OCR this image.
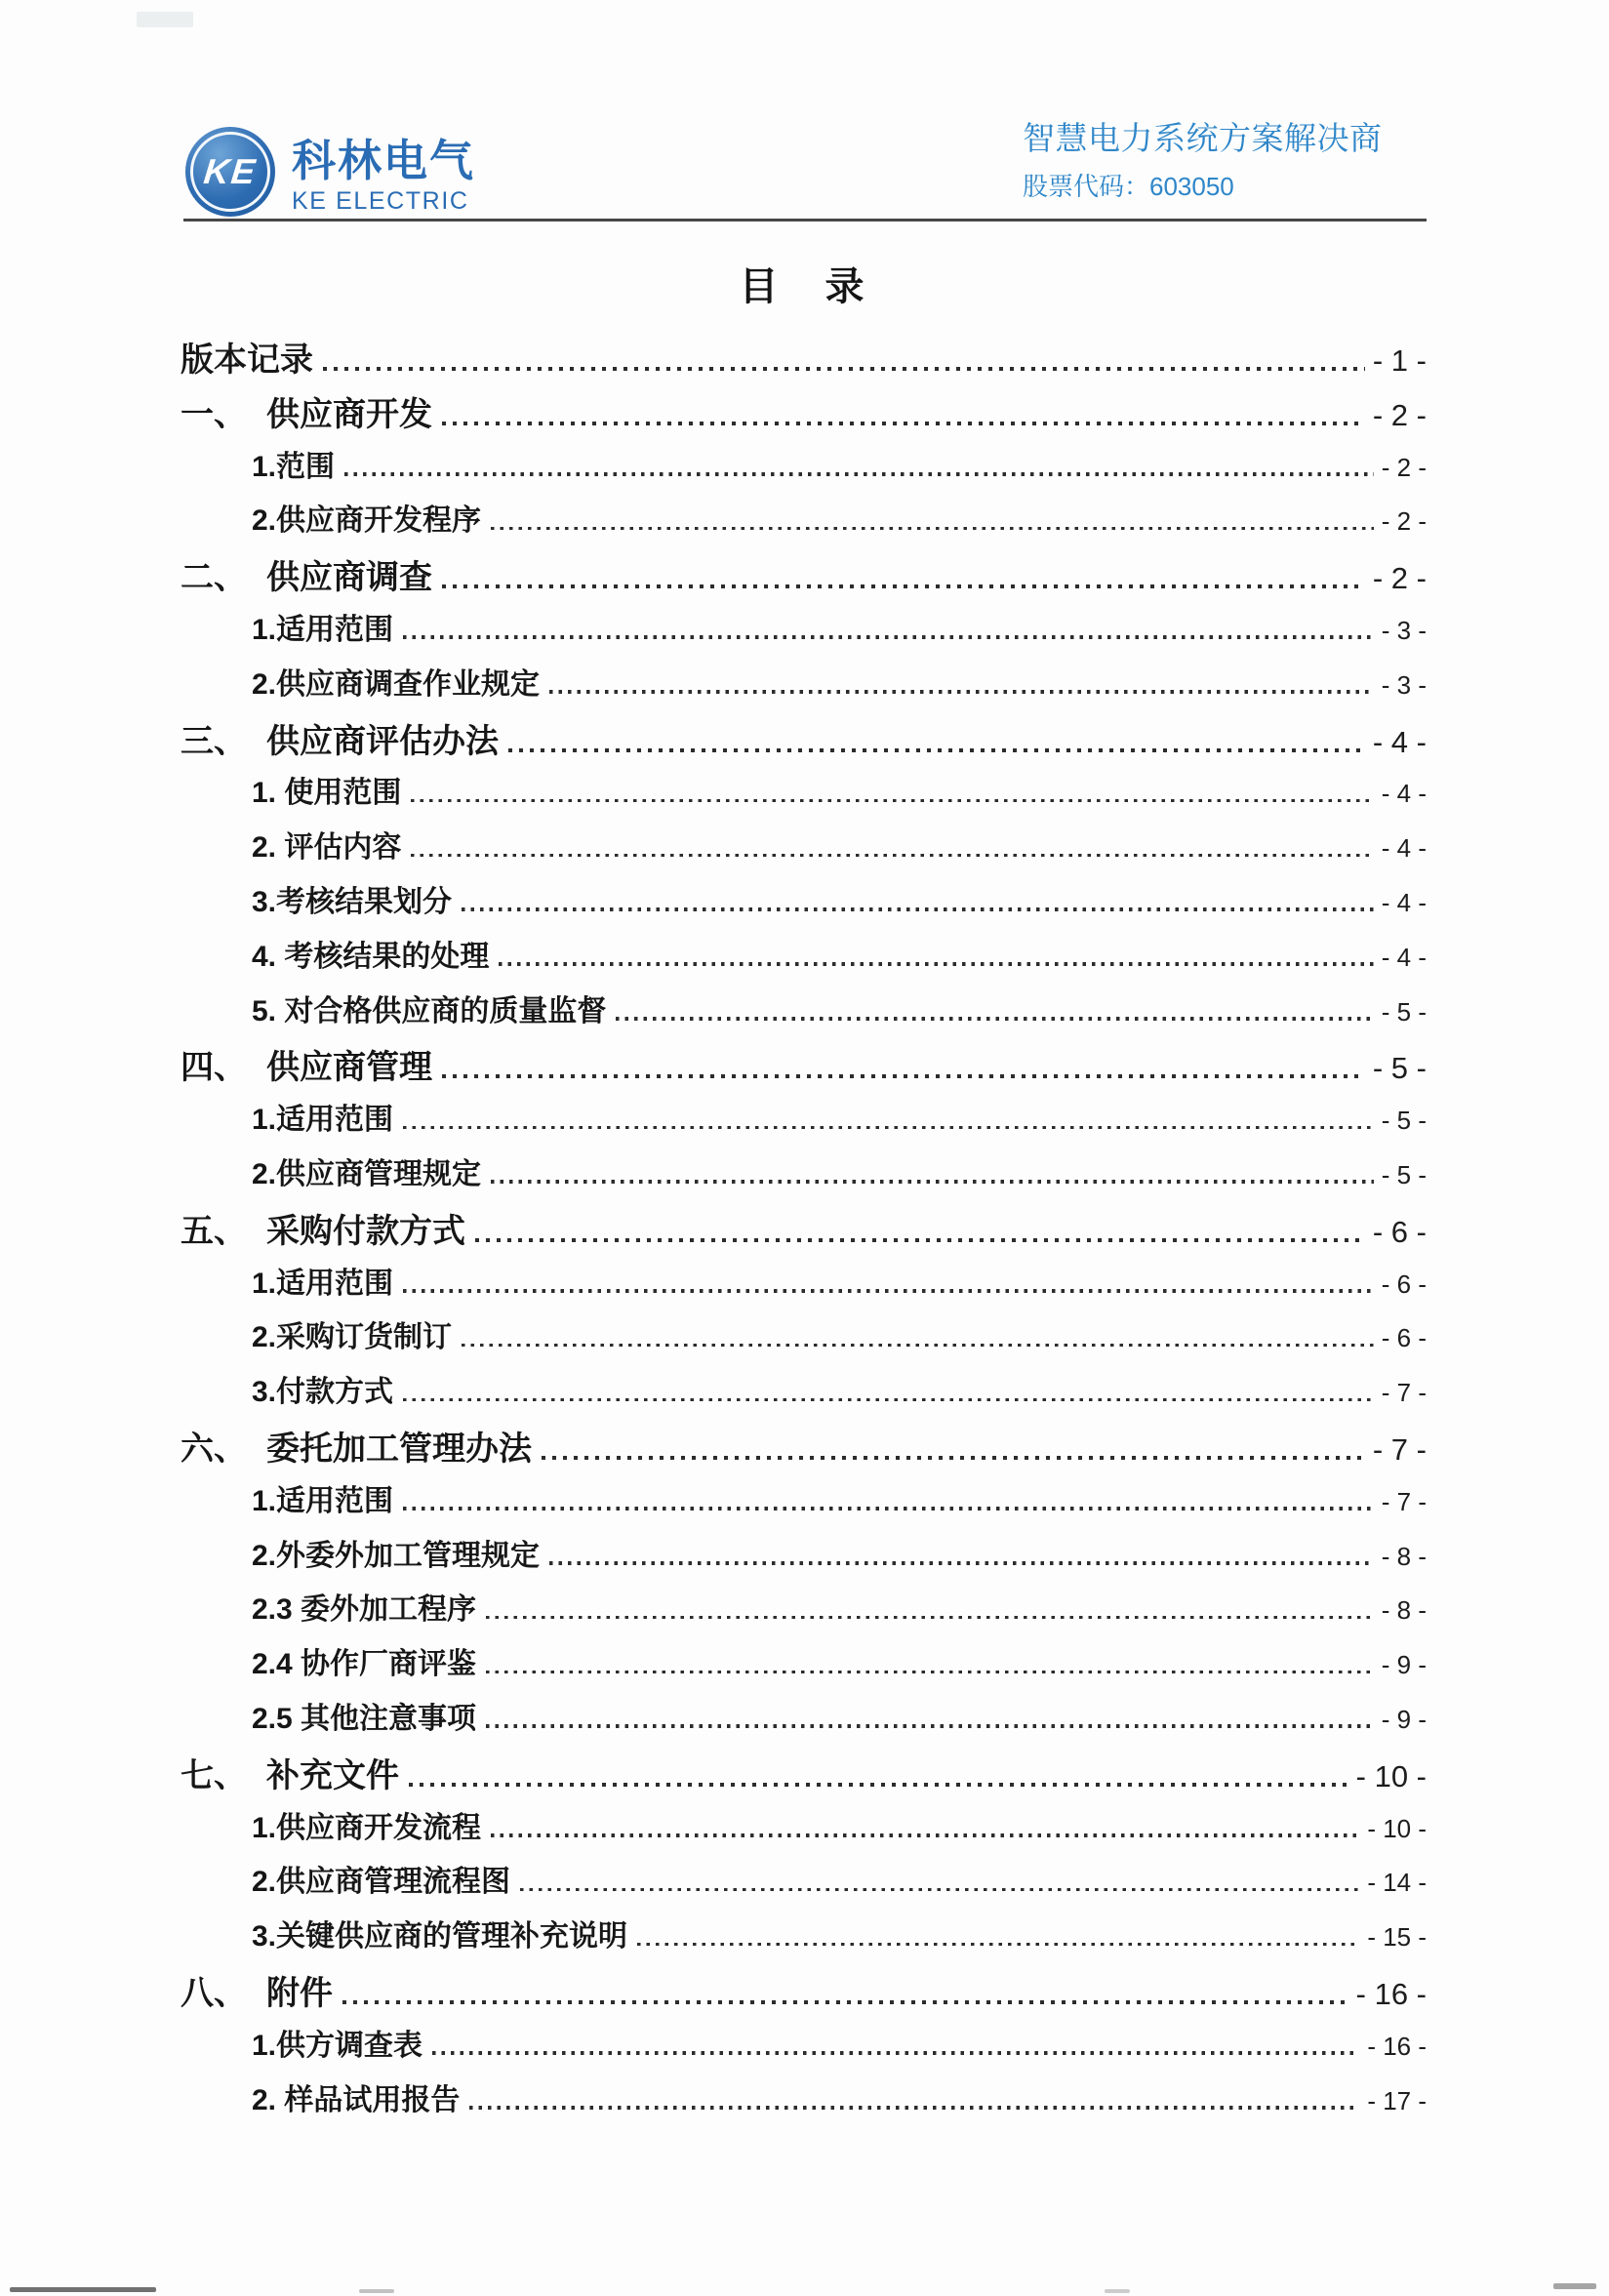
KE 科林电气
KE ELECTRIC
智慧电力系统方案解决商
股票代码：603050
目　录
版本记录	- 1 -
一、 供应商开发	- 2 -
1.范围	- 2 -
2.供应商开发程序	- 2 -
二、 供应商调查	- 2 -
1.适用范围	- 3 -
2.供应商调查作业规定	- 3 -
三、 供应商评估办法	- 4 -
1. 使用范围	- 4 -
2. 评估内容	- 4 -
3.考核结果划分	- 4 -
4. 考核结果的处理	- 4 -
5. 对合格供应商的质量监督	- 5 -
四、 供应商管理	- 5 -
1.适用范围	- 5 -
2.供应商管理规定	- 5 -
五、 采购付款方式	- 6 -
1.适用范围	- 6 -
2.采购订货制订	- 6 -
3.付款方式	- 7 -
六、 委托加工管理办法	- 7 -
1.适用范围	- 7 -
2.外委外加工管理规定	- 8 -
2.3 委外加工程序	- 8 -
2.4 协作厂商评鉴	- 9 -
2.5 其他注意事项	- 9 -
七、 补充文件	- 10 -
1.供应商开发流程	- 10 -
2.供应商管理流程图	- 14 -
3.关键供应商的管理补充说明	- 15 -
八、 附件	- 16 -
1.供方调查表	- 16 -
2. 样品试用报告	- 17 -
